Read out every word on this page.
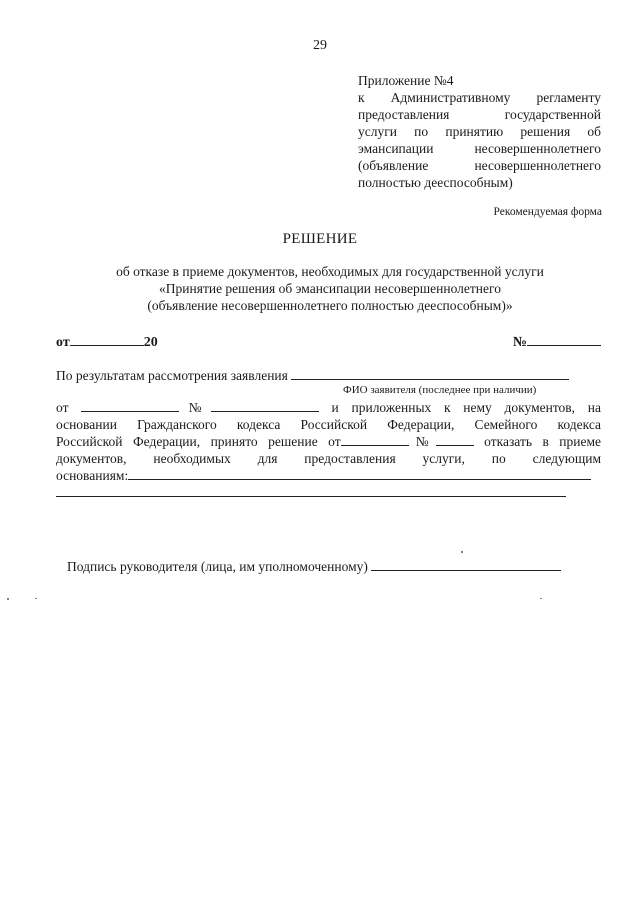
29
Приложение №4
к Административному регламенту
предоставления государственной
услуги по принятию решения об
эмансипации несовершеннолетнего
(объявление несовершеннолетнего
полностью дееспособным)
Рекомендуемая форма
РЕШЕНИЕ
об отказе в приеме документов, необходимых для государственной услуги
«Принятие решения об эмансипации несовершеннолетнего
(объявление несовершеннолетнего полностью дееспособным)»
от	20	№
По результатам рассмотрения заявления
ФИО заявителя (последнее при наличии)
от	№	и приложенных к нему документов, на
основании Гражданского кодекса Российской Федерации, Семейного кодекса
Российской Федерации, принято решение от	№	отказать в приеме
документов, необходимых для предоставления услуги, по следующим
основаниям:
Подпись руководителя (лица, им уполномоченному)
